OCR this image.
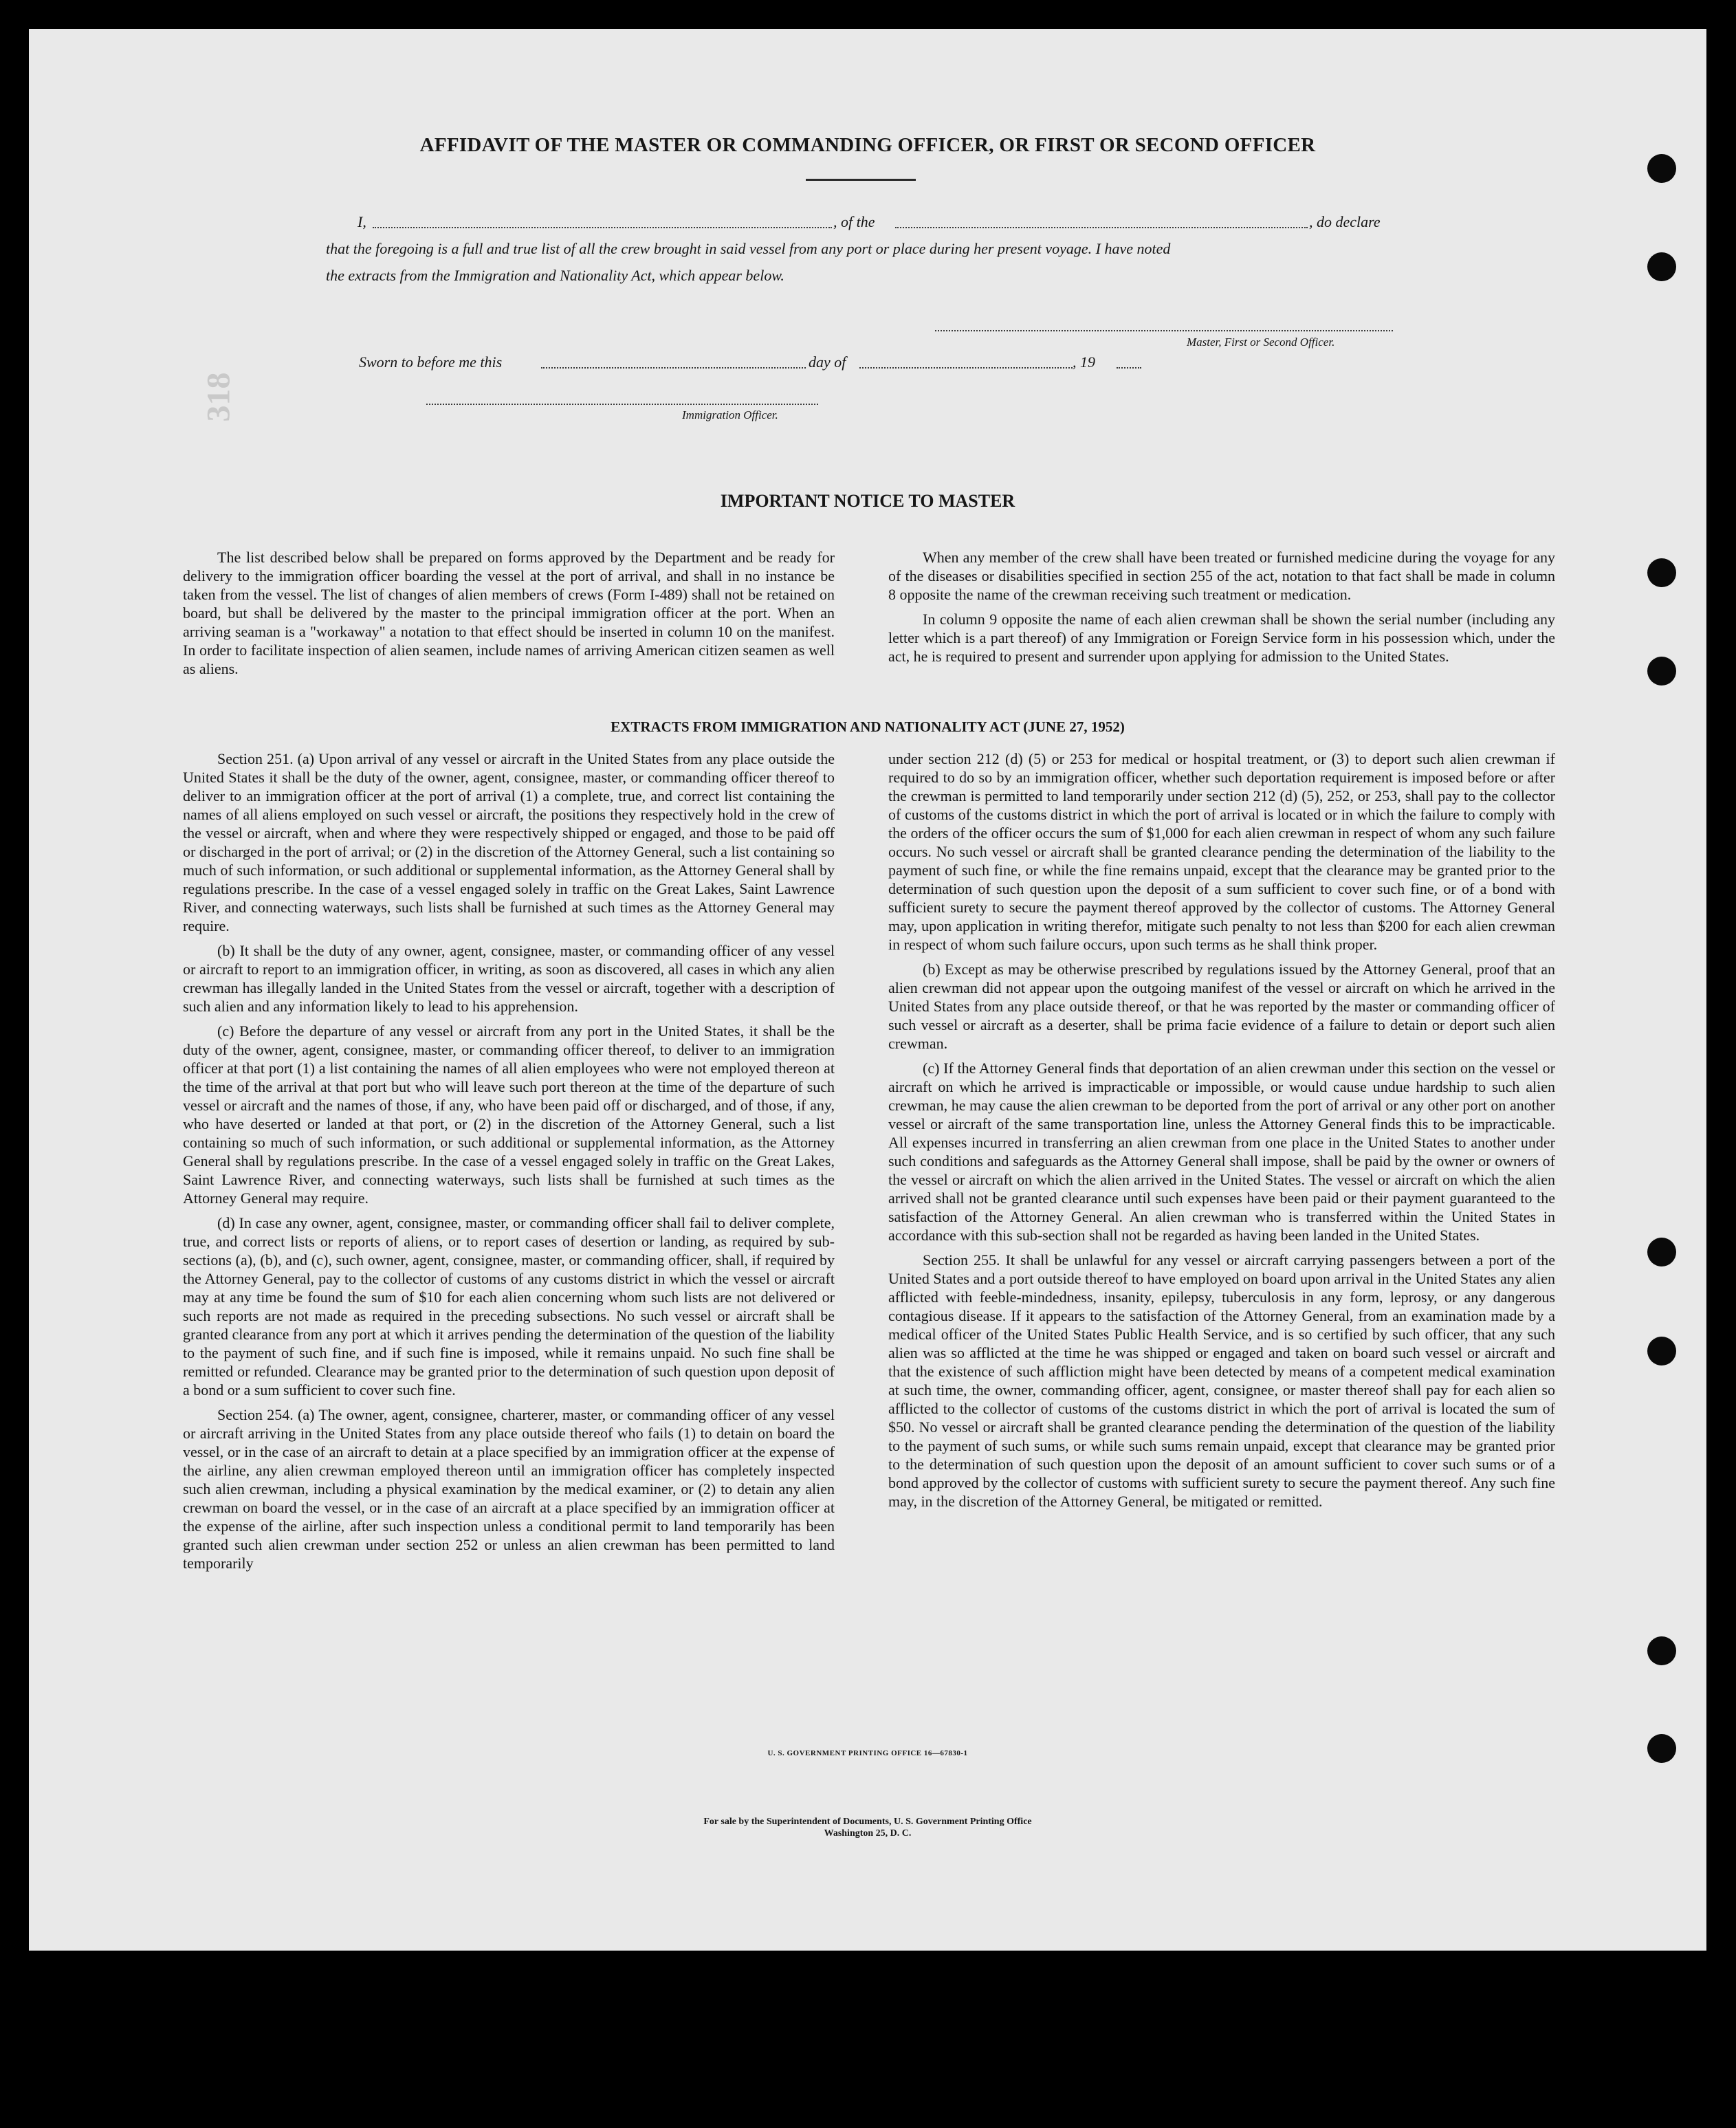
318
AFFIDAVIT OF THE MASTER OR COMMANDING OFFICER, OR FIRST OR SECOND OFFICER
I,	, of the	, do declare
that the foregoing is a full and true list of all the crew brought in said vessel from any port or place during her present voyage. I have noted
the extracts from the Immigration and Nationality Act, which appear below.
Master, First or Second Officer.
Sworn to before me this	day of	, 19
Immigration Officer.
IMPORTANT NOTICE TO MASTER

The list described below shall be prepared on forms approved by the Department and be ready for delivery to the immigration officer boarding the vessel at the port of arrival, and shall in no instance be taken from the vessel. The list of changes of alien members of crews (Form I-489) shall not be retained on board, but shall be delivered by the master to the principal immigration officer at the port. When an arriving seaman is a "workaway" a notation to that effect should be inserted in column 10 on the manifest. In order to facilitate inspection of alien seamen, include names of arriving American citizen seamen as well as aliens.

When any member of the crew shall have been treated or furnished medicine during the voyage for any of the diseases or disabilities specified in section 255 of the act, notation to that fact shall be made in column 8 opposite the name of the crewman receiving such treatment or medication.

In column 9 opposite the name of each alien crewman shall be shown the serial number (including any letter which is a part thereof) of any Immigration or Foreign Service form in his possession which, under the act, he is required to present and surrender upon applying for admission to the United States.

EXTRACTS FROM IMMIGRATION AND NATIONALITY ACT (JUNE 27, 1952)

Section 251. (a) Upon arrival of any vessel or aircraft in the United States from any place outside the United States it shall be the duty of the owner, agent, consignee, master, or commanding officer thereof to deliver to an immigration officer at the port of arrival (1) a complete, true, and correct list containing the names of all aliens employed on such vessel or aircraft, the positions they respectively hold in the crew of the vessel or aircraft, when and where they were respectively shipped or engaged, and those to be paid off or discharged in the port of arrival; or (2) in the discretion of the Attorney General, such a list containing so much of such information, or such additional or supplemental information, as the Attorney General shall by regulations prescribe. In the case of a vessel engaged solely in traffic on the Great Lakes, Saint Lawrence River, and connecting waterways, such lists shall be furnished at such times as the Attorney General may require.

(b) It shall be the duty of any owner, agent, consignee, master, or commanding officer of any vessel or aircraft to report to an immigration officer, in writing, as soon as discovered, all cases in which any alien crewman has illegally landed in the United States from the vessel or aircraft, together with a description of such alien and any information likely to lead to his apprehension.

(c) Before the departure of any vessel or aircraft from any port in the United States, it shall be the duty of the owner, agent, consignee, master, or commanding officer thereof, to deliver to an immigration officer at that port (1) a list containing the names of all alien employees who were not employed thereon at the time of the arrival at that port but who will leave such port thereon at the time of the departure of such vessel or aircraft and the names of those, if any, who have been paid off or discharged, and of those, if any, who have deserted or landed at that port, or (2) in the discretion of the Attorney General, such a list containing so much of such information, or such additional or supplemental information, as the Attorney General shall by regulations prescribe. In the case of a vessel engaged solely in traffic on the Great Lakes, Saint Lawrence River, and connecting waterways, such lists shall be furnished at such times as the Attorney General may require.

(d) In case any owner, agent, consignee, master, or commanding officer shall fail to deliver complete, true, and correct lists or reports of aliens, or to report cases of desertion or landing, as required by sub-sections (a), (b), and (c), such owner, agent, consignee, master, or commanding officer, shall, if required by the Attorney General, pay to the collector of customs of any customs district in which the vessel or aircraft may at any time be found the sum of $10 for each alien concerning whom such lists are not delivered or such reports are not made as required in the preceding subsections. No such vessel or aircraft shall be granted clearance from any port at which it arrives pending the determination of the question of the liability to the payment of such fine, and if such fine is imposed, while it remains unpaid. No such fine shall be remitted or refunded. Clearance may be granted prior to the determination of such question upon deposit of a bond or a sum sufficient to cover such fine.

Section 254. (a) The owner, agent, consignee, charterer, master, or commanding officer of any vessel or aircraft arriving in the United States from any place outside thereof who fails (1) to detain on board the vessel, or in the case of an aircraft to detain at a place specified by an immigration officer at the expense of the airline, any alien crewman employed thereon until an immigration officer has completely inspected such alien crewman, including a physical examination by the medical examiner, or (2) to detain any alien crewman on board the vessel, or in the case of an aircraft at a place specified by an immigration officer at the expense of the airline, after such inspection unless a conditional permit to land temporarily has been granted such alien crewman under section 252 or unless an alien crewman has been permitted to land temporarily

under section 212 (d) (5) or 253 for medical or hospital treatment, or (3) to deport such alien crewman if required to do so by an immigration officer, whether such deportation requirement is imposed before or after the crewman is permitted to land temporarily under section 212 (d) (5), 252, or 253, shall pay to the collector of customs of the customs district in which the port of arrival is located or in which the failure to comply with the orders of the officer occurs the sum of $1,000 for each alien crewman in respect of whom any such failure occurs. No such vessel or aircraft shall be granted clearance pending the determination of the liability to the payment of such fine, or while the fine remains unpaid, except that the clearance may be granted prior to the determination of such question upon the deposit of a sum sufficient to cover such fine, or of a bond with sufficient surety to secure the payment thereof approved by the collector of customs. The Attorney General may, upon application in writing therefor, mitigate such penalty to not less than $200 for each alien crewman in respect of whom such failure occurs, upon such terms as he shall think proper.

(b) Except as may be otherwise prescribed by regulations issued by the Attorney General, proof that an alien crewman did not appear upon the outgoing manifest of the vessel or aircraft on which he arrived in the United States from any place outside thereof, or that he was reported by the master or commanding officer of such vessel or aircraft as a deserter, shall be prima facie evidence of a failure to detain or deport such alien crewman.

(c) If the Attorney General finds that deportation of an alien crewman under this section on the vessel or aircraft on which he arrived is impracticable or impossible, or would cause undue hardship to such alien crewman, he may cause the alien crewman to be deported from the port of arrival or any other port on another vessel or aircraft of the same transportation line, unless the Attorney General finds this to be impracticable. All expenses incurred in transferring an alien crewman from one place in the United States to another under such conditions and safeguards as the Attorney General shall impose, shall be paid by the owner or owners of the vessel or aircraft on which the alien arrived in the United States. The vessel or aircraft on which the alien arrived shall not be granted clearance until such expenses have been paid or their payment guaranteed to the satisfaction of the Attorney General. An alien crewman who is transferred within the United States in accordance with this sub-section shall not be regarded as having been landed in the United States.

Section 255. It shall be unlawful for any vessel or aircraft carrying passengers between a port of the United States and a port outside thereof to have employed on board upon arrival in the United States any alien afflicted with feeble-mindedness, insanity, epilepsy, tuberculosis in any form, leprosy, or any dangerous contagious disease. If it appears to the satisfaction of the Attorney General, from an examination made by a medical officer of the United States Public Health Service, and is so certified by such officer, that any such alien was so afflicted at the time he was shipped or engaged and taken on board such vessel or aircraft and that the existence of such affliction might have been detected by means of a competent medical examination at such time, the owner, commanding officer, agent, consignee, or master thereof shall pay for each alien so afflicted to the collector of customs of the customs district in which the port of arrival is located the sum of $50. No vessel or aircraft shall be granted clearance pending the determination of the question of the liability to the payment of such sums, or while such sums remain unpaid, except that clearance may be granted prior to the determination of such question upon the deposit of an amount sufficient to cover such sums or of a bond approved by the collector of customs with sufficient surety to secure the payment thereof. Any such fine may, in the discretion of the Attorney General, be mitigated or remitted.

U. S. GOVERNMENT PRINTING OFFICE 16—67830-1
For sale by the Superintendent of Documents, U. S. Government Printing Office
Washington 25, D. C.
